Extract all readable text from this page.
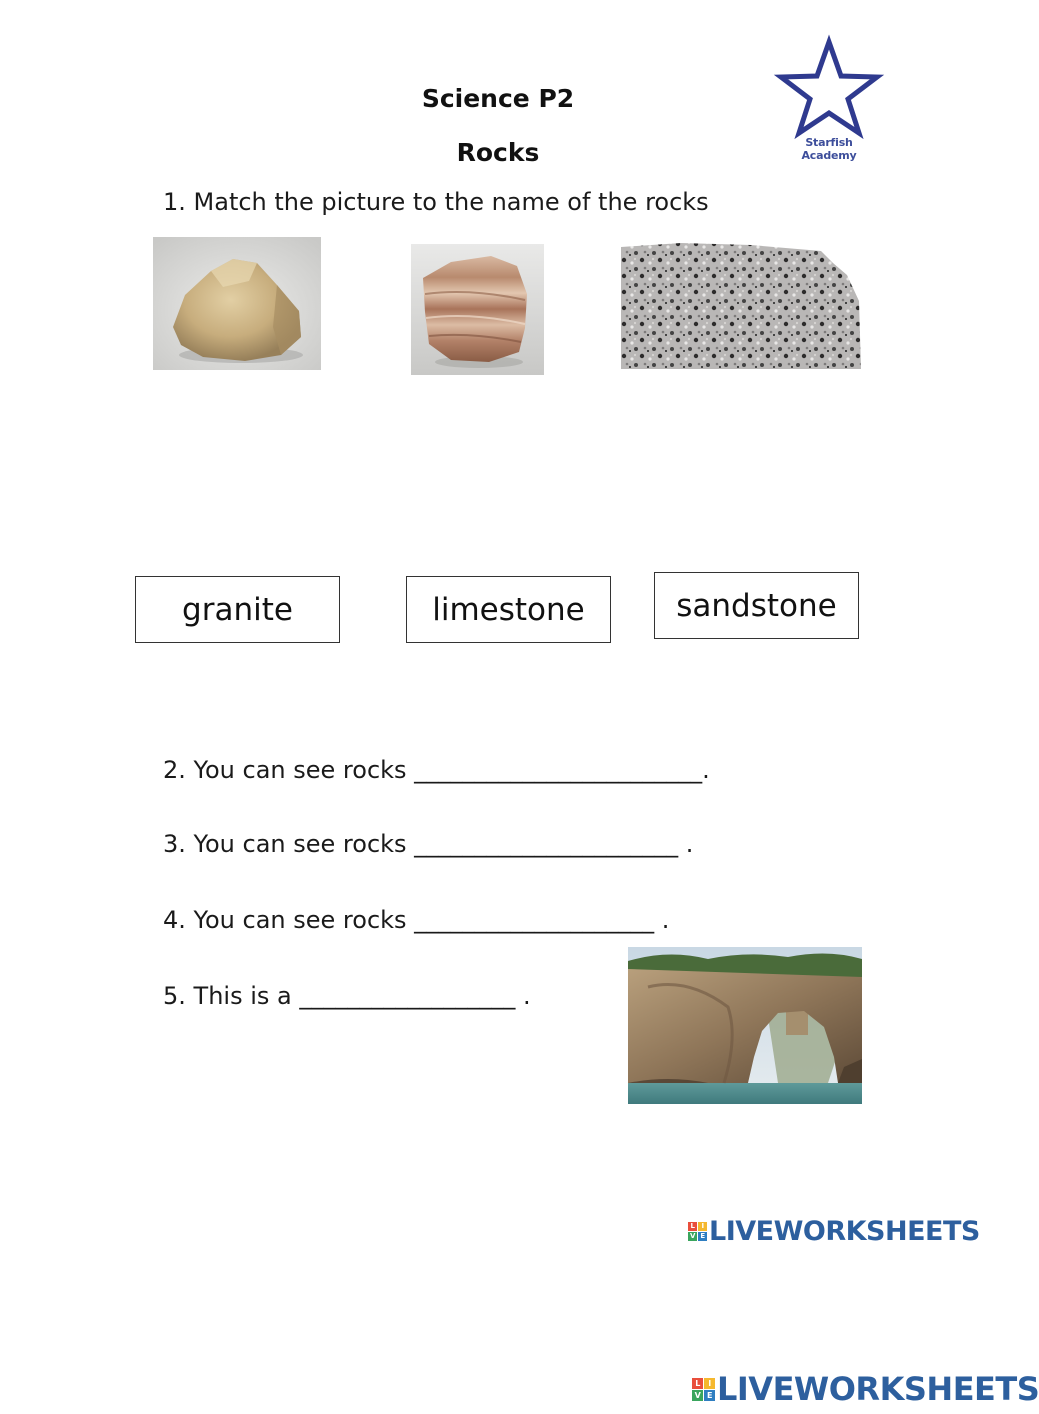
Science P2
Rocks	Starfish Academy
1. Match the picture to the name of the rocks
granite	limestone	sandstone
2. You can see rocks ________________________.
3. You can see rocks ______________________ .
4. You can see rocks ____________________ .
5. This is a __________________ .
L I
V E LIVEWORKSHEETS
L	I
V E LIVEWORKSHEETS
